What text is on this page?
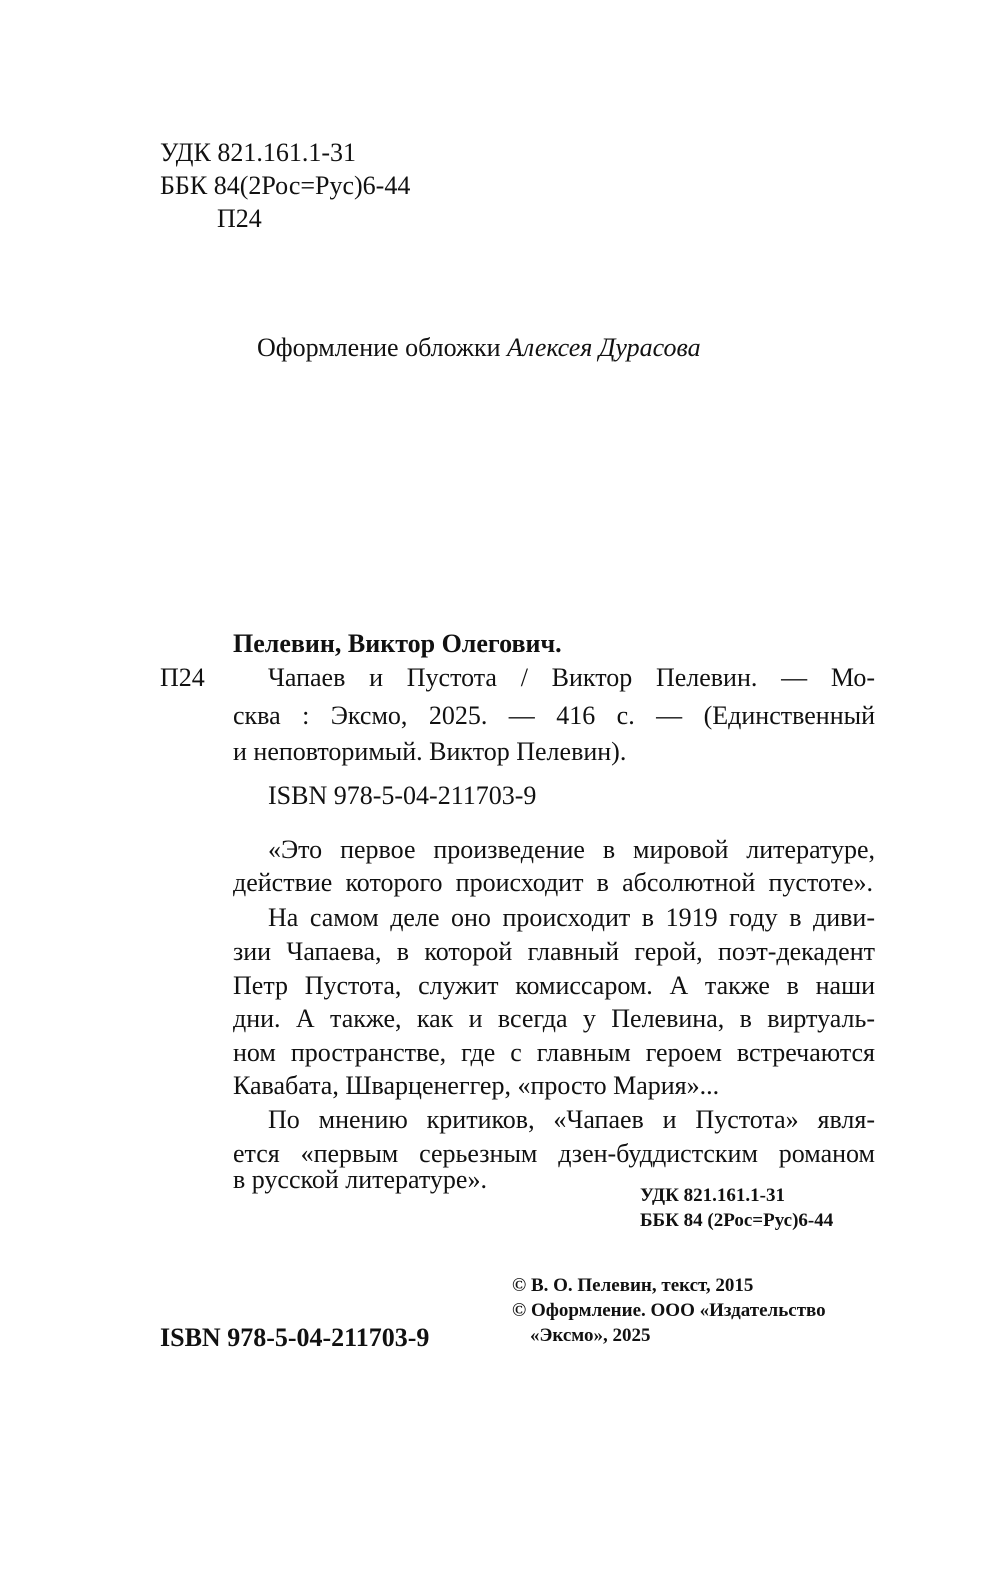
УДК 821.161.1-31
ББК 84(2Рос=Рус)6-44
П24
Оформление обложки Алексея Дурасова
Пелевин, Виктор Олегович.
П24 Чапаев и Пустота / Виктор Пелевин. — Мо-
сква : Эксмо, 2025. — 416 с. — (Единственный
и неповторимый. Виктор Пелевин).
ISBN 978-5-04-211703-9
«Это первое произведение в мировой литературе,
действие которого происходит в абсолютной пустоте».
На самом деле оно происходит в 1919 году в диви-
зии Чапаева, в которой главный герой, поэт-декадент
Петр Пустота, служит комиссаром. А также в наши
дни. А также, как и всегда у Пелевина, в виртуаль-
ном пространстве, где с главным героем встречаются
Кавабата, Шварценеггер, «просто Мария»...
По мнению критиков, «Чапаев и Пустота» явля-
ется «первым серьезным дзен-буддистским романом
в русской литературе».
УДК 821.161.1-31
ББК 84 (2Рос=Рус)6-44
ISBN 978-5-04-211703-9
© В. О. Пелевин, текст, 2015
© Оформление. ООО «Издательство
«Эксмо», 2025
